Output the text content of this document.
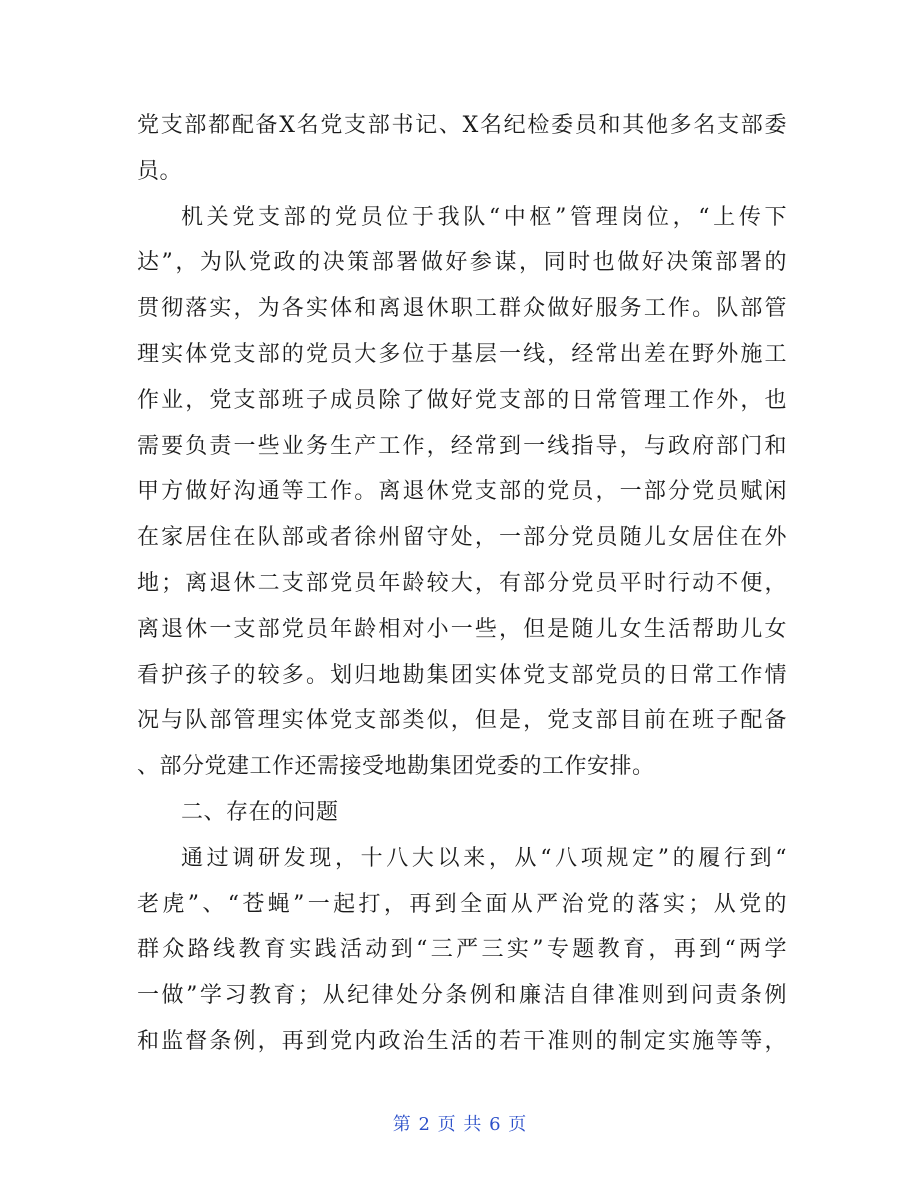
党支部都配备X名党支部书记、X名纪检委员和其他多名支部委
员。
机关党支部的党员位于我队“中枢”管理岗位，“上传下
达”，为队党政的决策部署做好参谋，同时也做好决策部署的
贯彻落实，为各实体和离退休职工群众做好服务工作。队部管
理实体党支部的党员大多位于基层一线，经常出差在野外施工
作业，党支部班子成员除了做好党支部的日常管理工作外，也
需要负责一些业务生产工作，经常到一线指导，与政府部门和
甲方做好沟通等工作。离退休党支部的党员，一部分党员赋闲
在家居住在队部或者徐州留守处，一部分党员随儿女居住在外
地；离退休二支部党员年龄较大，有部分党员平时行动不便，
离退休一支部党员年龄相对小一些，但是随儿女生活帮助儿女
看护孩子的较多。划归地勘集团实体党支部党员的日常工作情
况与队部管理实体党支部类似，但是，党支部目前在班子配备
、部分党建工作还需接受地勘集团党委的工作安排。
二、存在的问题
通过调研发现，十八大以来，从“八项规定”的履行到“
老虎”、“苍蝇”一起打，再到全面从严治党的落实；从党的
群众路线教育实践活动到“三严三实”专题教育，再到“两学
一做”学习教育；从纪律处分条例和廉洁自律准则到问责条例
和监督条例，再到党内政治生活的若干准则的制定实施等等，
第 2 页 共 6 页
